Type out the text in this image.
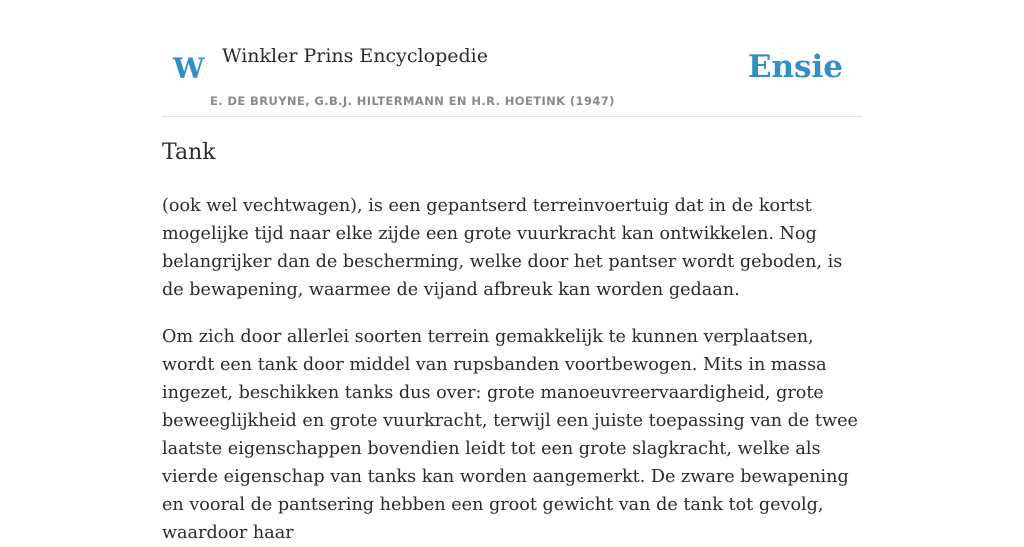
W Winkler Prins Encyclopedie
E. DE BRUYNE, G.B.J. HILTERMANN EN H.R. HOETINK (1947)
Ensie
Tank

(ook wel vechtwagen), is een gepantserd terreinvoertuig dat in de kortst mogelijke tijd naar elke zijde een grote vuurkracht kan ontwikkelen. Nog belangrijker dan de bescherming, welke door het pantser wordt geboden, is de bewapening, waarmee de vijand afbreuk kan worden gedaan.

Om zich door allerlei soorten terrein gemakkelijk te kunnen verplaatsen, wordt een tank door middel van rupsbanden voortbewogen. Mits in massa ingezet, beschikken tanks dus over: grote manoeuvreervaardigheid, grote beweeglijkheid en grote vuurkracht, terwijl een juiste toepassing van de twee laatste eigenschappen bovendien leidt tot een grote slagkracht, welke als vierde eigenschap van tanks kan worden aangemerkt. De zware bewapening en vooral de pantsering hebben een groot gewicht van de tank tot gevolg, waardoor haar
